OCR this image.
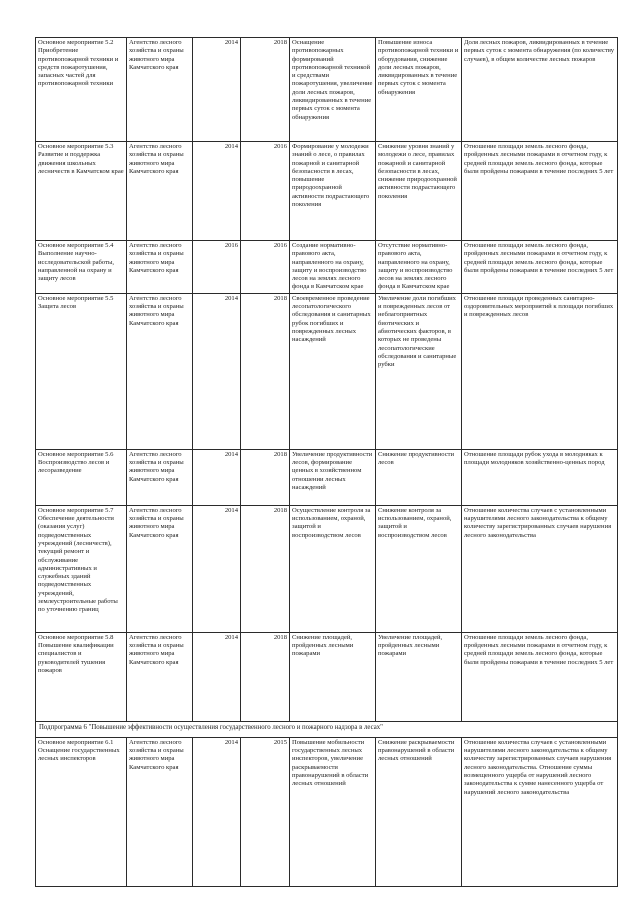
Основное мероприятие 5.2 Приобретение противопожарной техники и средств пожаротушения, запасных частей для противопожарной техники	Агентство лесного хозяйства и охраны животного мира Камчатского края	2014	2018	Оснащение противопожарных формирований противопожарной техникой и средствами пожаротушения, увеличение доли лесных пожаров, ликвидированных в течение первых суток с момента обнаружения	Повышение износа противопожарной техники и оборудования, снижение доли лесных пожаров, ликвидированных в течение первых суток с момента обнаружения	Доля лесных пожаров, ликвидированных в течение первых суток с момента обнаружения (по количеству случаев), в общем количестве лесных пожаров
Основное мероприятие 5.3 Развитие и поддержка движения школьных лесничеств в Камчатском крае	Агентство лесного хозяйства и охраны животного мира Камчатского края	2014	2016	Формирование у молодежи знаний о лесе, о правилах пожарной и санитарной безопасности в лесах, повышение природоохранной активности подрастающего поколения	Снижение уровня знаний у молодежи о лесе, правилах пожарной и санитарной безопасности в лесах, снижение природоохранной активности подрастающего поколения	Отношение площади земель лесного фонда, пройденных лесными пожарами в отчетном году, к средней площади земель лесного фонда, которые были пройдены пожарами в течение последних 5 лет
Основное мероприятие 5.4 Выполнение научно-исследовательской работы, направленной на охрану и защиту лесов	Агентство лесного хозяйства и охраны животного мира Камчатского края	2016	2016	Создание нормативно-правового акта, направленного на охрану, защиту и воспроизводство лесов на землях лесного фонда в Камчатском крае	Отсутствие нормативно-правового акта, направленного на охрану, защиту и воспроизводство лесов на землях лесного фонда в Камчатском крае	Отношение площади земель лесного фонда, пройденных лесными пожарами в отчетном году, к средней площади земель лесного фонда, которые были пройдены пожарами в течение последних 5 лет
Основное мероприятие 5.5 Защита лесов	Агентство лесного хозяйства и охраны животного мира Камчатского края	2014	2018	Своевременное проведение лесопатологического обследования и санитарных рубок погибших и поврежденных лесных насаждений	Увеличение доли погибших и поврежденных лесов от неблагоприятных биотических и абиотических факторов, в которых не проведены лесопатологические обследования и санитарные рубки	Отношение площади проведенных санитарно-оздоровительных мероприятий к площади погибших и поврежденных лесов
Основное мероприятие 5.6 Воспроизводство лесов и лесоразведение	Агентство лесного хозяйства и охраны животного мира Камчатского края	2014	2018	Увеличение продуктивности лесов, формирование ценных в хозяйственном отношении лесных насаждений	Снижение продуктивности лесов	Отношение площади рубок ухода в молодняках к площади молодняков хозяйственно-ценных пород
Основное мероприятие 5.7 Обеспечение деятельности (оказания услуг) подведомственных учреждений (лесничеств), текущий ремонт и обслуживание административных и служебных зданий подведомственных учреждений, землеустроительные работы по уточнению границ	Агентство лесного хозяйства и охраны животного мира Камчатского края	2014	2018	Осуществление контроля за использованием, охраной, защитой и воспроизводством лесов	Снижение контроля за использованием, охраной, защитой и воспроизводством лесов	Отношение количества случаев с установленными нарушителями лесного законодательства к общему количеству зарегистрированных случаев нарушения лесного законодательства
Основное мероприятие 5.8 Повышение квалификации специалистов и руководителей тушения пожаров	Агентство лесного хозяйства и охраны животного мира Камчатского края	2014	2018	Снижение площадей, пройденных лесными пожарами	Увеличение площадей, пройденных лесными пожарами	Отношение площади земель лесного фонда, пройденных лесными пожарами в отчетном году, к средней площади земель лесного фонда, которые были пройдены пожарами в течение последних 5 лет
Подпрограмма 6 "Повышение эффективности осуществления государственного лесного и пожарного надзора в лесах"						
Основное мероприятие 6.1 Оснащение государственных лесных инспекторов	Агентство лесного хозяйства и охраны животного мира Камчатского края	2014	2015	Повышение мобильности государственных лесных инспекторов, увеличение раскрываемости правонарушений в области лесных отношений	Снижение раскрываемости правонарушений в области лесных отношений	Отношение количества случаев с установленными нарушителями лесного законодательства к общему количеству зарегистрированных случаев нарушения лесного законодательства. Отношение суммы возмещенного ущерба от нарушений лесного законодательства к сумме нанесенного ущерба от нарушений лесного законодательства
